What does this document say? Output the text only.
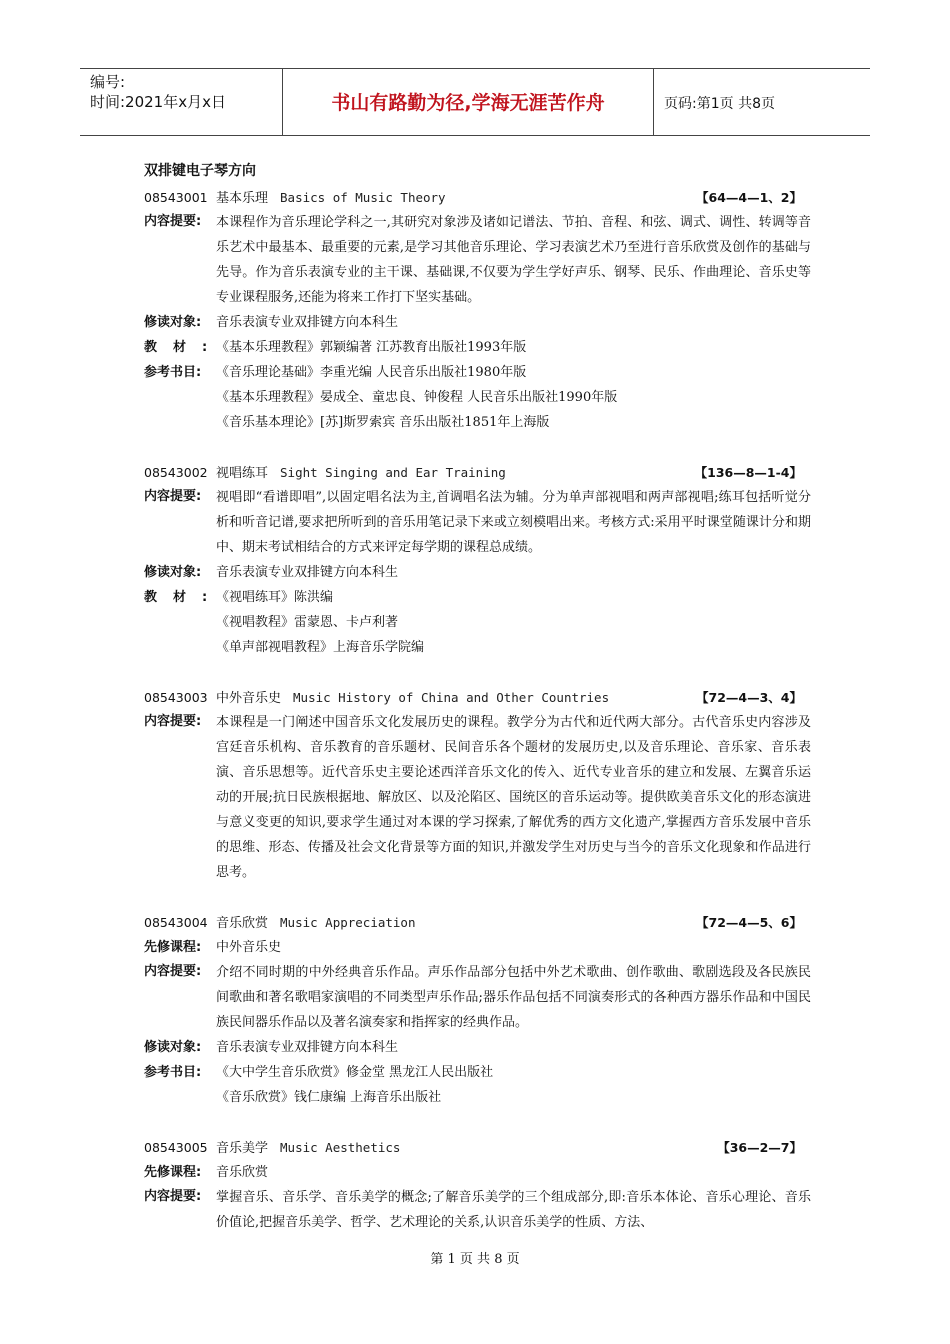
编号:
时间:2021年x月x日	书山有路勤为径,学海无涯苦作舟	页码:第1页 共8页
双排键电子琴方向
08543001 基本乐理 Basics of Music Theory	【64—4—1、2】
内容提要: 本课程作为音乐理论学科之一,其研究对象涉及诸如记谱法、节拍、音程、和弦、调式、调性、转调等音乐艺术中最基本、最重要的元素,是学习其他音乐理论、学习表演艺术乃至进行音乐欣赏及创作的基础与先导。作为音乐表演专业的主干课、基础课,不仅要为学生学好声乐、钢琴、民乐、作曲理论、音乐史等专业课程服务,还能为将来工作打下坚实基础。
修读对象: 音乐表演专业双排键方向本科生
教材:《基本乐理教程》郭颖编著 江苏教育出版社1993年版
参考书目: 《音乐理论基础》李重光编 人民音乐出版社1980年版
《基本乐理教程》晏成全、童忠良、钟俊程 人民音乐出版社1990年版
《音乐基本理论》[苏]斯罗索宾 音乐出版社1851年上海版
08543002 视唱练耳 Sight Singing and Ear Training	【136—8—1-4】
内容提要: 视唱即“看谱即唱”,以固定唱名法为主,首调唱名法为辅。分为单声部视唱和两声部视唱;练耳包括听觉分析和听音记谱,要求把所听到的音乐用笔记录下来或立刻模唱出来。考核方式:采用平时课堂随课计分和期中、期末考试相结合的方式来评定每学期的课程总成绩。
修读对象: 音乐表演专业双排键方向本科生
教材:《视唱练耳》陈洪编
《视唱教程》雷蒙恩、卡卢利著
《单声部视唱教程》上海音乐学院编
08543003 中外音乐史 Music History of China and Other Countries	【72—4—3、4】
内容提要: 本课程是一门阐述中国音乐文化发展历史的课程。教学分为古代和近代两大部分。古代音乐史内容涉及宫廷音乐机构、音乐教育的音乐题材、民间音乐各个题材的发展历史,以及音乐理论、音乐家、音乐表演、音乐思想等。近代音乐史主要论述西洋音乐文化的传入、近代专业音乐的建立和发展、左翼音乐运动的开展;抗日民族根据地、解放区、以及沦陷区、国统区的音乐运动等。提供欧美音乐文化的形态演进与意义变更的知识,要求学生通过对本课的学习探索,了解优秀的西方文化遗产,掌握西方音乐发展中音乐的思维、形态、传播及社会文化背景等方面的知识,并激发学生对历史与当今的音乐文化现象和作品进行思考。
08543004 音乐欣赏 Music Appreciation	【72—4—5、6】
先修课程: 中外音乐史
内容提要: 介绍不同时期的中外经典音乐作品。声乐作品部分包括中外艺术歌曲、创作歌曲、歌剧选段及各民族民间歌曲和著名歌唱家演唱的不同类型声乐作品;器乐作品包括不同演奏形式的各种西方器乐作品和中国民族民间器乐作品以及著名演奏家和指挥家的经典作品。
修读对象: 音乐表演专业双排键方向本科生
参考书目: 《大中学生音乐欣赏》修金堂 黑龙江人民出版社
《音乐欣赏》钱仁康编 上海音乐出版社
08543005 音乐美学 Music Aesthetics	【36—2—7】
先修课程: 音乐欣赏
内容提要: 掌握音乐、音乐学、音乐美学的概念;了解音乐美学的三个组成部分,即:音乐本体论、音乐心理论、音乐价值论,把握音乐美学、哲学、艺术理论的关系,认识音乐美学的性质、方法、
第 1 页 共 8 页
